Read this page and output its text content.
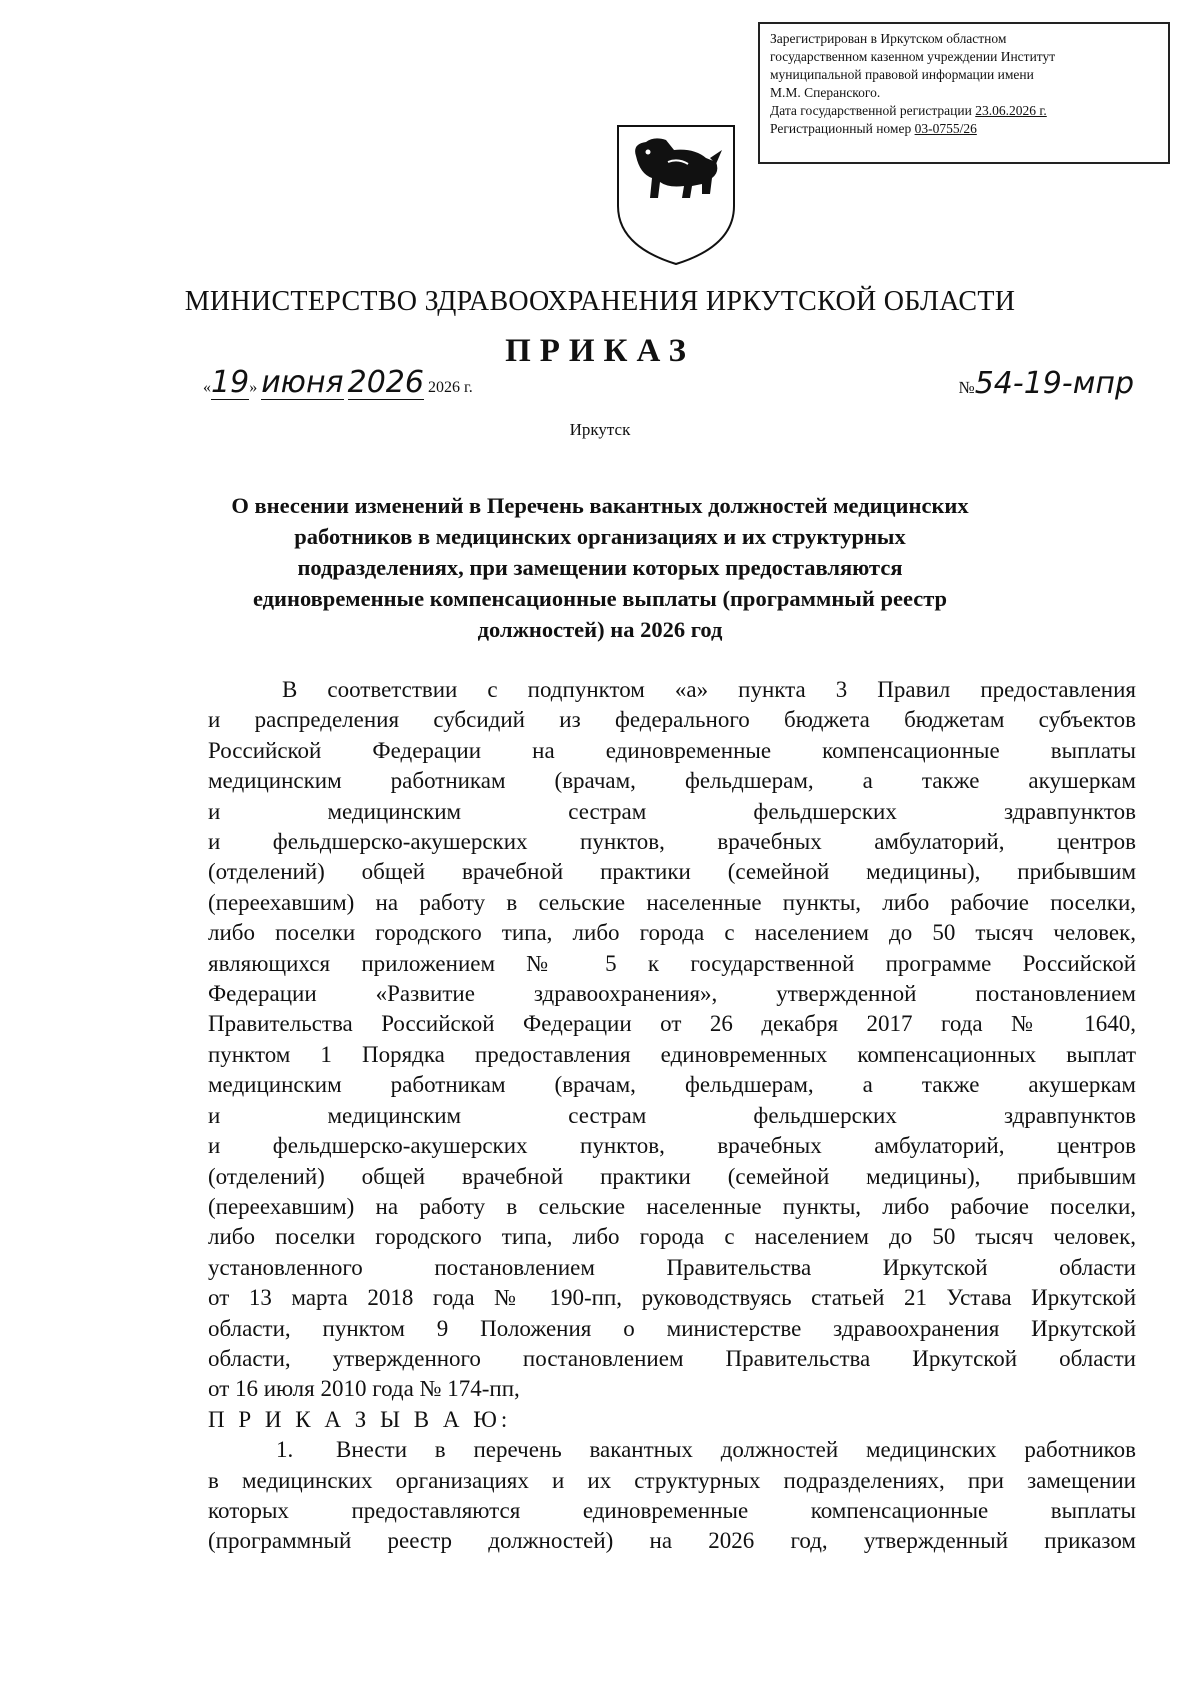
Зарегистрирован в Иркутском областном
государственном казенном учреждении Институт
муниципальной правовой информации имени
М.М. Сперанского.
Дата государственной регистрации 23.06.2026 г.
Регистрационный номер 03-0755/26
МИНИСТЕРСТВО ЗДРАВООХРАНЕНИЯ ИРКУТСКОЙ ОБЛАСТИ
ПРИКАЗ
«19» июня 2026 2026 г.	№54-19-мпр
Иркутск
О внесении изменений в Перечень вакантных должностей медицинских
работников в медицинских организациях и их структурных
подразделениях, при замещении которых предоставляются
единовременные компенсационные выплаты (программный реестр
должностей) на 2026 год

В соответствии с подпунктом «а» пункта 3 Правил предоставления

и распределения субсидий из федерального бюджета бюджетам субъектов

Российской Федерации на единовременные компенсационные выплаты

медицинским работникам (врачам, фельдшерам, а также акушеркам

и медицинским сестрам фельдшерских здравпунктов

и фельдшерско-акушерских пунктов, врачебных амбулаторий, центров

(отделений) общей врачебной практики (семейной медицины), прибывшим

(переехавшим) на работу в сельские населенные пункты, либо рабочие поселки,

либо поселки городского типа, либо города с населением до 50 тысяч человек,

являющихся приложением № 5 к государственной программе Российской

Федерации «Развитие здравоохранения», утвержденной постановлением

Правительства Российской Федерации от 26 декабря 2017 года № 1640,

пунктом 1 Порядка предоставления единовременных компенсационных выплат

медицинским работникам (врачам, фельдшерам, а также акушеркам

и медицинским сестрам фельдшерских здравпунктов

и фельдшерско-акушерских пунктов, врачебных амбулаторий, центров

(отделений) общей врачебной практики (семейной медицины), прибывшим

(переехавшим) на работу в сельские населенные пункты, либо рабочие поселки,

либо поселки городского типа, либо города с населением до 50 тысяч человек,

установленного постановлением Правительства Иркутской области

от 13 марта 2018 года № 190-пп, руководствуясь статьей 21 Устава Иркутской

области, пунктом 9 Положения о министерстве здравоохранения Иркутской

области, утвержденного постановлением Правительства Иркутской области

от 16 июля 2010 года № 174-пп,

П Р И К А З Ы В А Ю:

1. Внести в перечень вакантных должностей медицинских работников

в медицинских организациях и их структурных подразделениях, при замещении

которых предоставляются единовременные компенсационные выплаты

(программный реестр должностей) на 2026 год, утвержденный приказом
